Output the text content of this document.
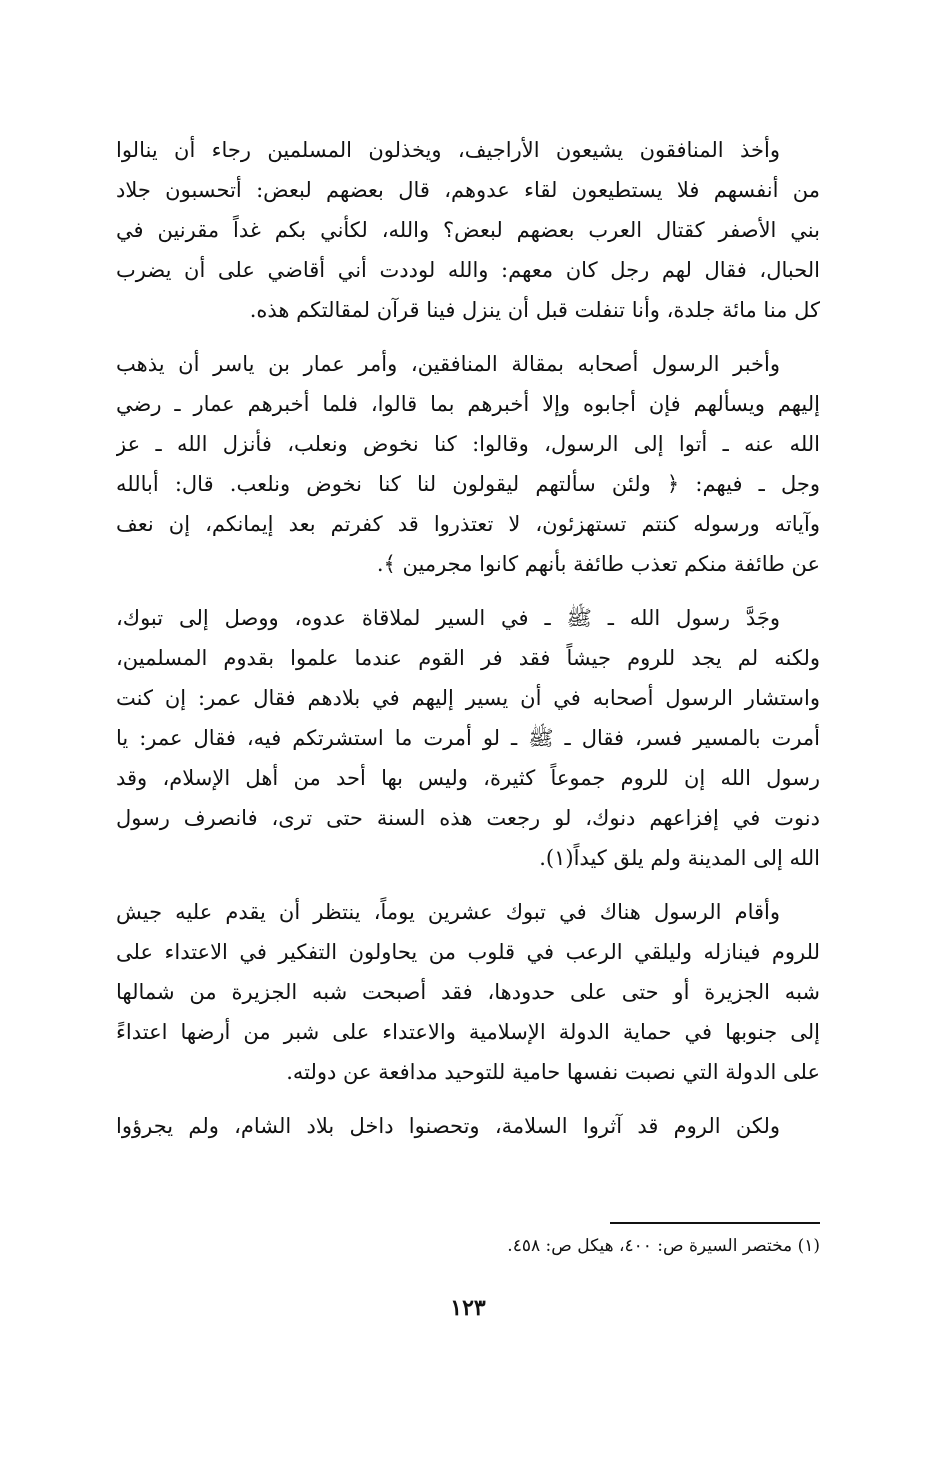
وأخذ المنافقون يشيعون الأراجيف، ويخذلون المسلمين رجاء أن ينالوا
من أنفسهم فلا يستطيعون لقاء عدوهم، قال بعضهم لبعض: أتحسبون جلاد
بني الأصفر كقتال العرب بعضهم لبعض؟ والله، لكأني بكم غداً مقرنين في
الحبال، فقال لهم رجل كان معهم: والله لوددت أني أقاضي على أن يضرب
كل منا مائة جلدة، وأنا تنفلت قبل أن ينزل فينا قرآن لمقالتكم هذه.

وأخبر الرسول أصحابه بمقالة المنافقين، وأمر عمار بن ياسر أن يذهب
إليهم ويسألهم فإن أجابوه وإلا أخبرهم بما قالوا، فلما أخبرهم عمار ـ رضي
الله عنه ـ أتوا إلى الرسول، وقالوا: كنا نخوض ونعلب، فأنزل الله ـ عز
وجل ـ فيهم: ﴿ ولئن سألتهم ليقولون لنا كنا نخوض ونلعب. قال: أبالله
وآياته ورسوله كنتم تستهزئون، لا تعتذروا قد كفرتم بعد إيمانكم، إن نعف
عن طائفة منكم تعذب طائفة بأنهم كانوا مجرمين ﴾.

وجَدَّ رسول الله ـ ﷺ ـ في السير لملاقاة عدوه، ووصل إلى تبوك،
ولكنه لم يجد للروم جيشاً فقد فر القوم عندما علموا بقدوم المسلمين،
واستشار الرسول أصحابه في أن يسير إليهم في بلادهم فقال عمر: إن كنت
أمرت بالمسير فسر، فقال ـ ﷺ ـ لو أمرت ما استشرتكم فيه، فقال عمر: يا
رسول الله إن للروم جموعاً كثيرة، وليس بها أحد من أهل الإسلام، وقد
دنوت في إفزاعهم دنوك، لو رجعت هذه السنة حتى ترى، فانصرف رسول
الله إلى المدينة ولم يلق كيداً(١).

وأقام الرسول هناك في تبوك عشرين يوماً، ينتظر أن يقدم عليه جيش
للروم فينازله وليلقي الرعب في قلوب من يحاولون التفكير في الاعتداء على
شبه الجزيرة أو حتى على حدودها، فقد أصبحت شبه الجزيرة من شمالها
إلى جنوبها في حماية الدولة الإسلامية والاعتداء على شبر من أرضها اعتداءً
على الدولة التي نصبت نفسها حامية للتوحيد مدافعة عن دولته.

ولكن الروم قد آثروا السلامة، وتحصنوا داخل بلاد الشام، ولم يجرؤوا

(١) مختصر السيرة ص: ٤٠٠، هيكل ص: ٤٥٨.
١٢٣
